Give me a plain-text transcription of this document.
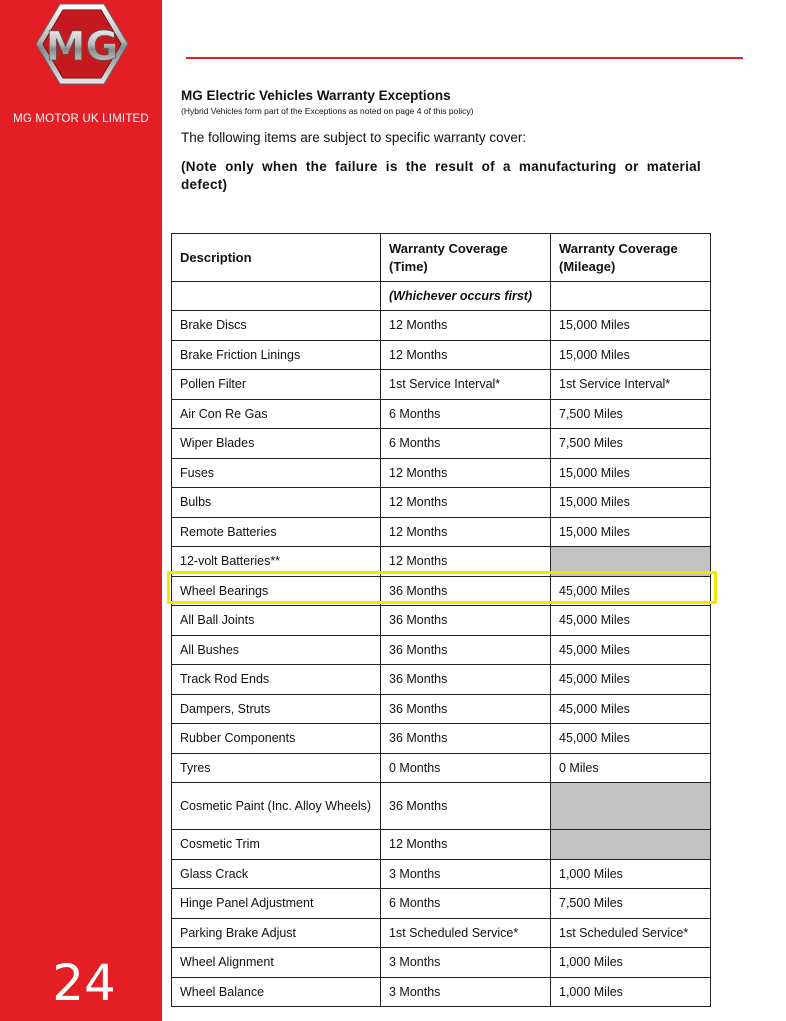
MG
MG MOTOR UK LIMITED
24
MG Electric Vehicles Warranty Exceptions
(Hybrid Vehicles form part of the Exceptions as noted on page 4 of this policy)
The following items are subject to specific warranty cover:
(Note only when the failure is the result of a manufacturing or material defect)
Description	Warranty Coverage (Time)	Warranty Coverage (Mileage)
	(Whichever occurs first)	
Brake Discs	12 Months	15,000 Miles
Brake Friction Linings	12 Months	15,000 Miles
Pollen Filter	1st Service Interval*	1st Service Interval*
Air Con Re Gas	6 Months	7,500 Miles
Wiper Blades	6 Months	7,500 Miles
Fuses	12 Months	15,000 Miles
Bulbs	12 Months	15,000 Miles
Remote Batteries	12 Months	15,000 Miles
12-volt Batteries**	12 Months	
Wheel Bearings	36 Months	45,000 Miles
All Ball Joints	36 Months	45,000 Miles
All Bushes	36 Months	45,000 Miles
Track Rod Ends	36 Months	45,000 Miles
Dampers, Struts	36 Months	45,000 Miles
Rubber Components	36 Months	45,000 Miles
Tyres	0 Months	0 Miles
Cosmetic Paint (Inc. Alloy Wheels)	36 Months	
Cosmetic Trim	12 Months	
Glass Crack	3 Months	1,000 Miles
Hinge Panel Adjustment	6 Months	7,500 Miles
Parking Brake Adjust	1st Scheduled Service*	1st Scheduled Service*
Wheel Alignment	3 Months	1,000 Miles
Wheel Balance	3 Months	1,000 Miles
